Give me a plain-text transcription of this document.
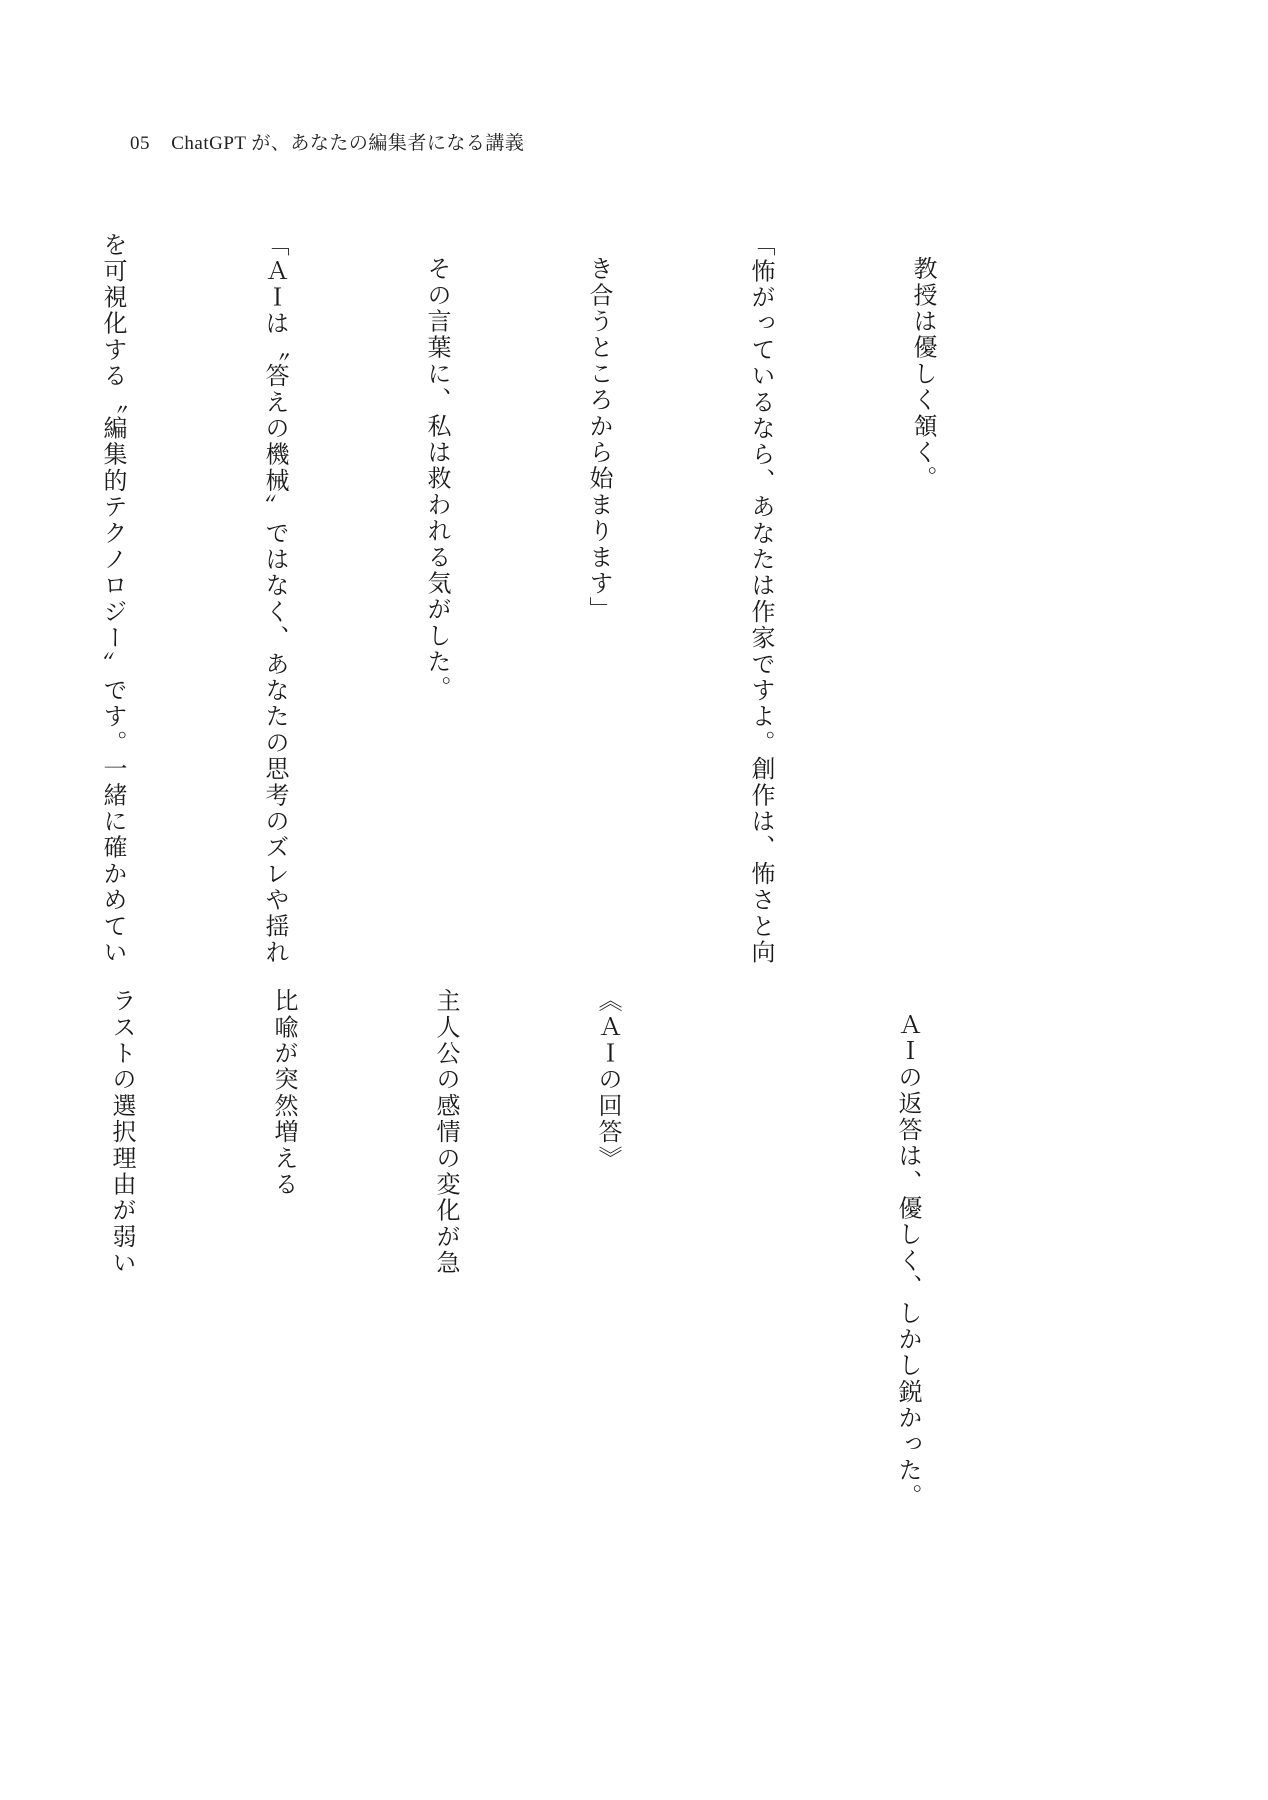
05 ChatGPT が、あなたの編集者になる講義

教授は優しく頷く。

「怖がっているなら、あなたは作家ですよ。創作は、怖さと向

き合うところから始まります」

その言葉に、私は救われる気がした。

「ＡＩは〝答えの機械〟ではなく、あなたの思考のズレや揺れ

を可視化する〝編集的テクノロジー〟です。一緒に確かめてい

ＡＩの返答は、優しく、しかし鋭かった。

《ＡＩの回答》

主人公の感情の変化が急

比喩が突然増える

ラストの選択理由が弱い
